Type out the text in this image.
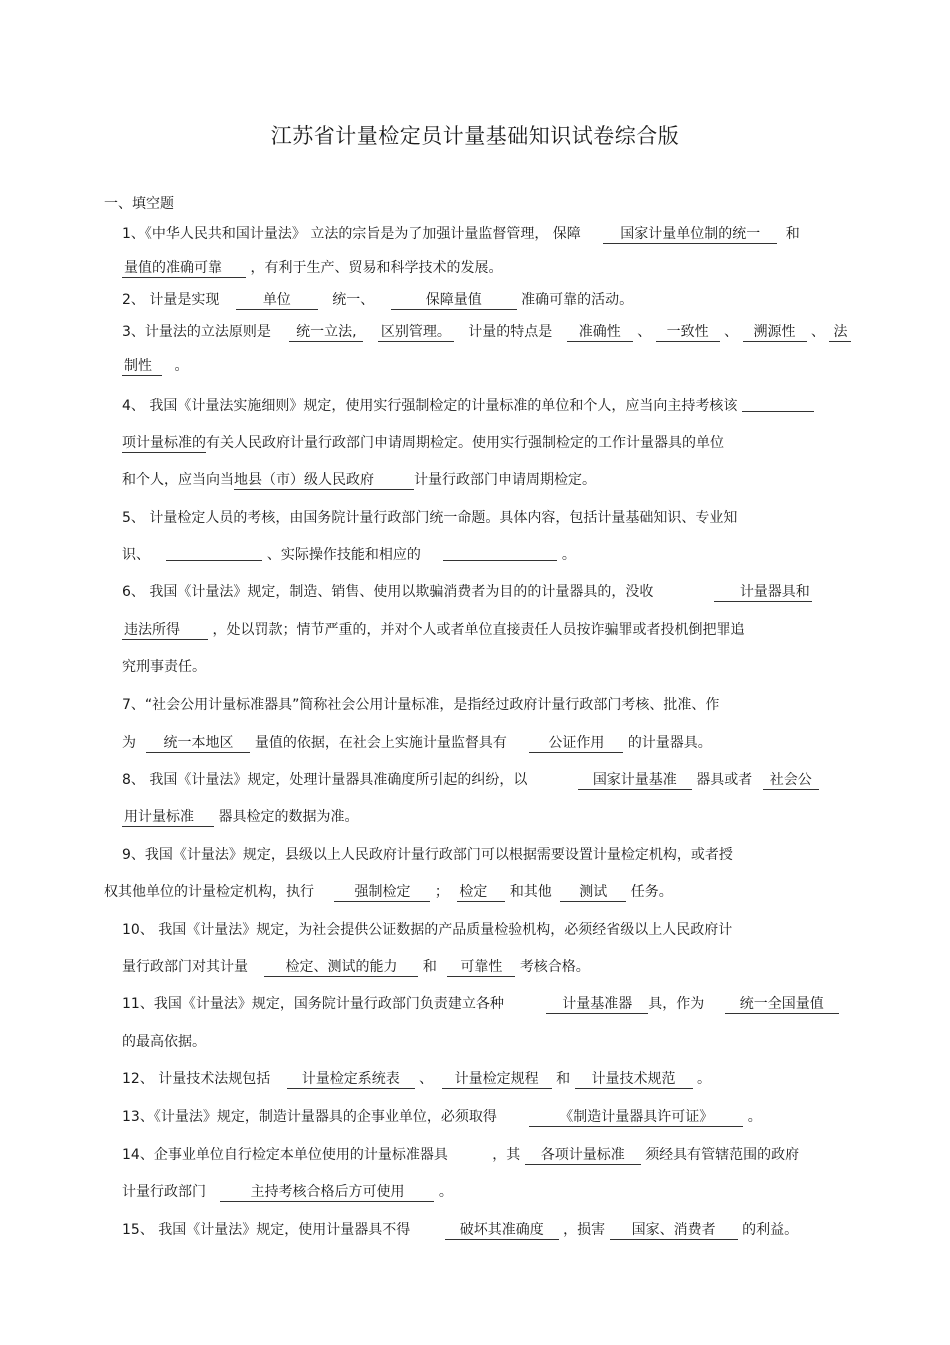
江苏省计量检定员计量基础知识试卷综合版
一、填空题
1、《中华人民共和国计量法》 立法的宗旨是为了加强计量监督管理， 保障	国家计量单位制的统一 和
量值的准确可靠 ，有利于生产、贸易和科学技术的发展。
2、 计量是实现	单位	统一、	保障量值	准确可靠的活动。
3、计量法的立法原则是 统一立法, 区别管理。 计量的特点是 准确性 、 一致性 、 溯源性 、 法
制性 。
4、 我国《计量法实施细则》规定，使用实行强制检定的计量标准的单位和个人，应当向主持考核该
项计量标准的有关人民政府计量行政部门申请周期检定。使用实行强制检定的工作计量器具的单位
和个人，应当向当地县（市）级人民政府	计量行政部门申请周期检定。
5、 计量检定人员的考核，由国务院计量行政部门统一命题。具体内容，包括计量基础知识、专业知
识、	、实际操作技能和相应的	。
6、 我国《计量法》规定，制造、销售、使用以欺骗消费者为目的的计量器具的，没收	计量器具和
违法所得 ，处以罚款；情节严重的，并对个人或者单位直接责任人员按诈骗罪或者投机倒把罪追
究刑事责任。
7、“社会公用计量标准器具”简称社会公用计量标准，是指经过政府计量行政部门考核、批准、作
为 统一本地区 量值的依据，在社会上实施计量监督具有	公证作用 的计量器具。
8、 我国《计量法》规定，处理计量器具准确度所引起的纠纷，以	国家计量基准 器具或者 社会公
用计量标准 器具检定的数据为准。
9、我国《计量法》规定，县级以上人民政府计量行政部门可以根据需要设置计量检定机构，或者授
权其他单位的计量检定机构，执行	强制检定 ； 检定 和其他 测试 任务。
10、 我国《计量法》规定，为社会提供公证数据的产品质量检验机构，必须经省级以上人民政府计
量行政部门对其计量	检定、测试的能力 和 可靠性 考核合格。
11、我国《计量法》规定，国务院计量行政部门负责建立各种	计量基准器 具，作为	统一全国量值
的最高依据。
12、 计量技术法规包括 计量检定系统表 、 计量检定规程 和 计量技术规范 。
13、《计量法》规定，制造计量器具的企事业单位，必须取得	《制造计量器具许可证》 。
14、企事业单位自行检定本单位使用的计量标准器具	，其 各项计量标准 须经具有管辖范围的政府
计量行政部门	主持考核合格后方可使用 。
15、 我国《计量法》规定，使用计量器具不得	破坏其准确度 ，损害 国家、消费者 的利益。
